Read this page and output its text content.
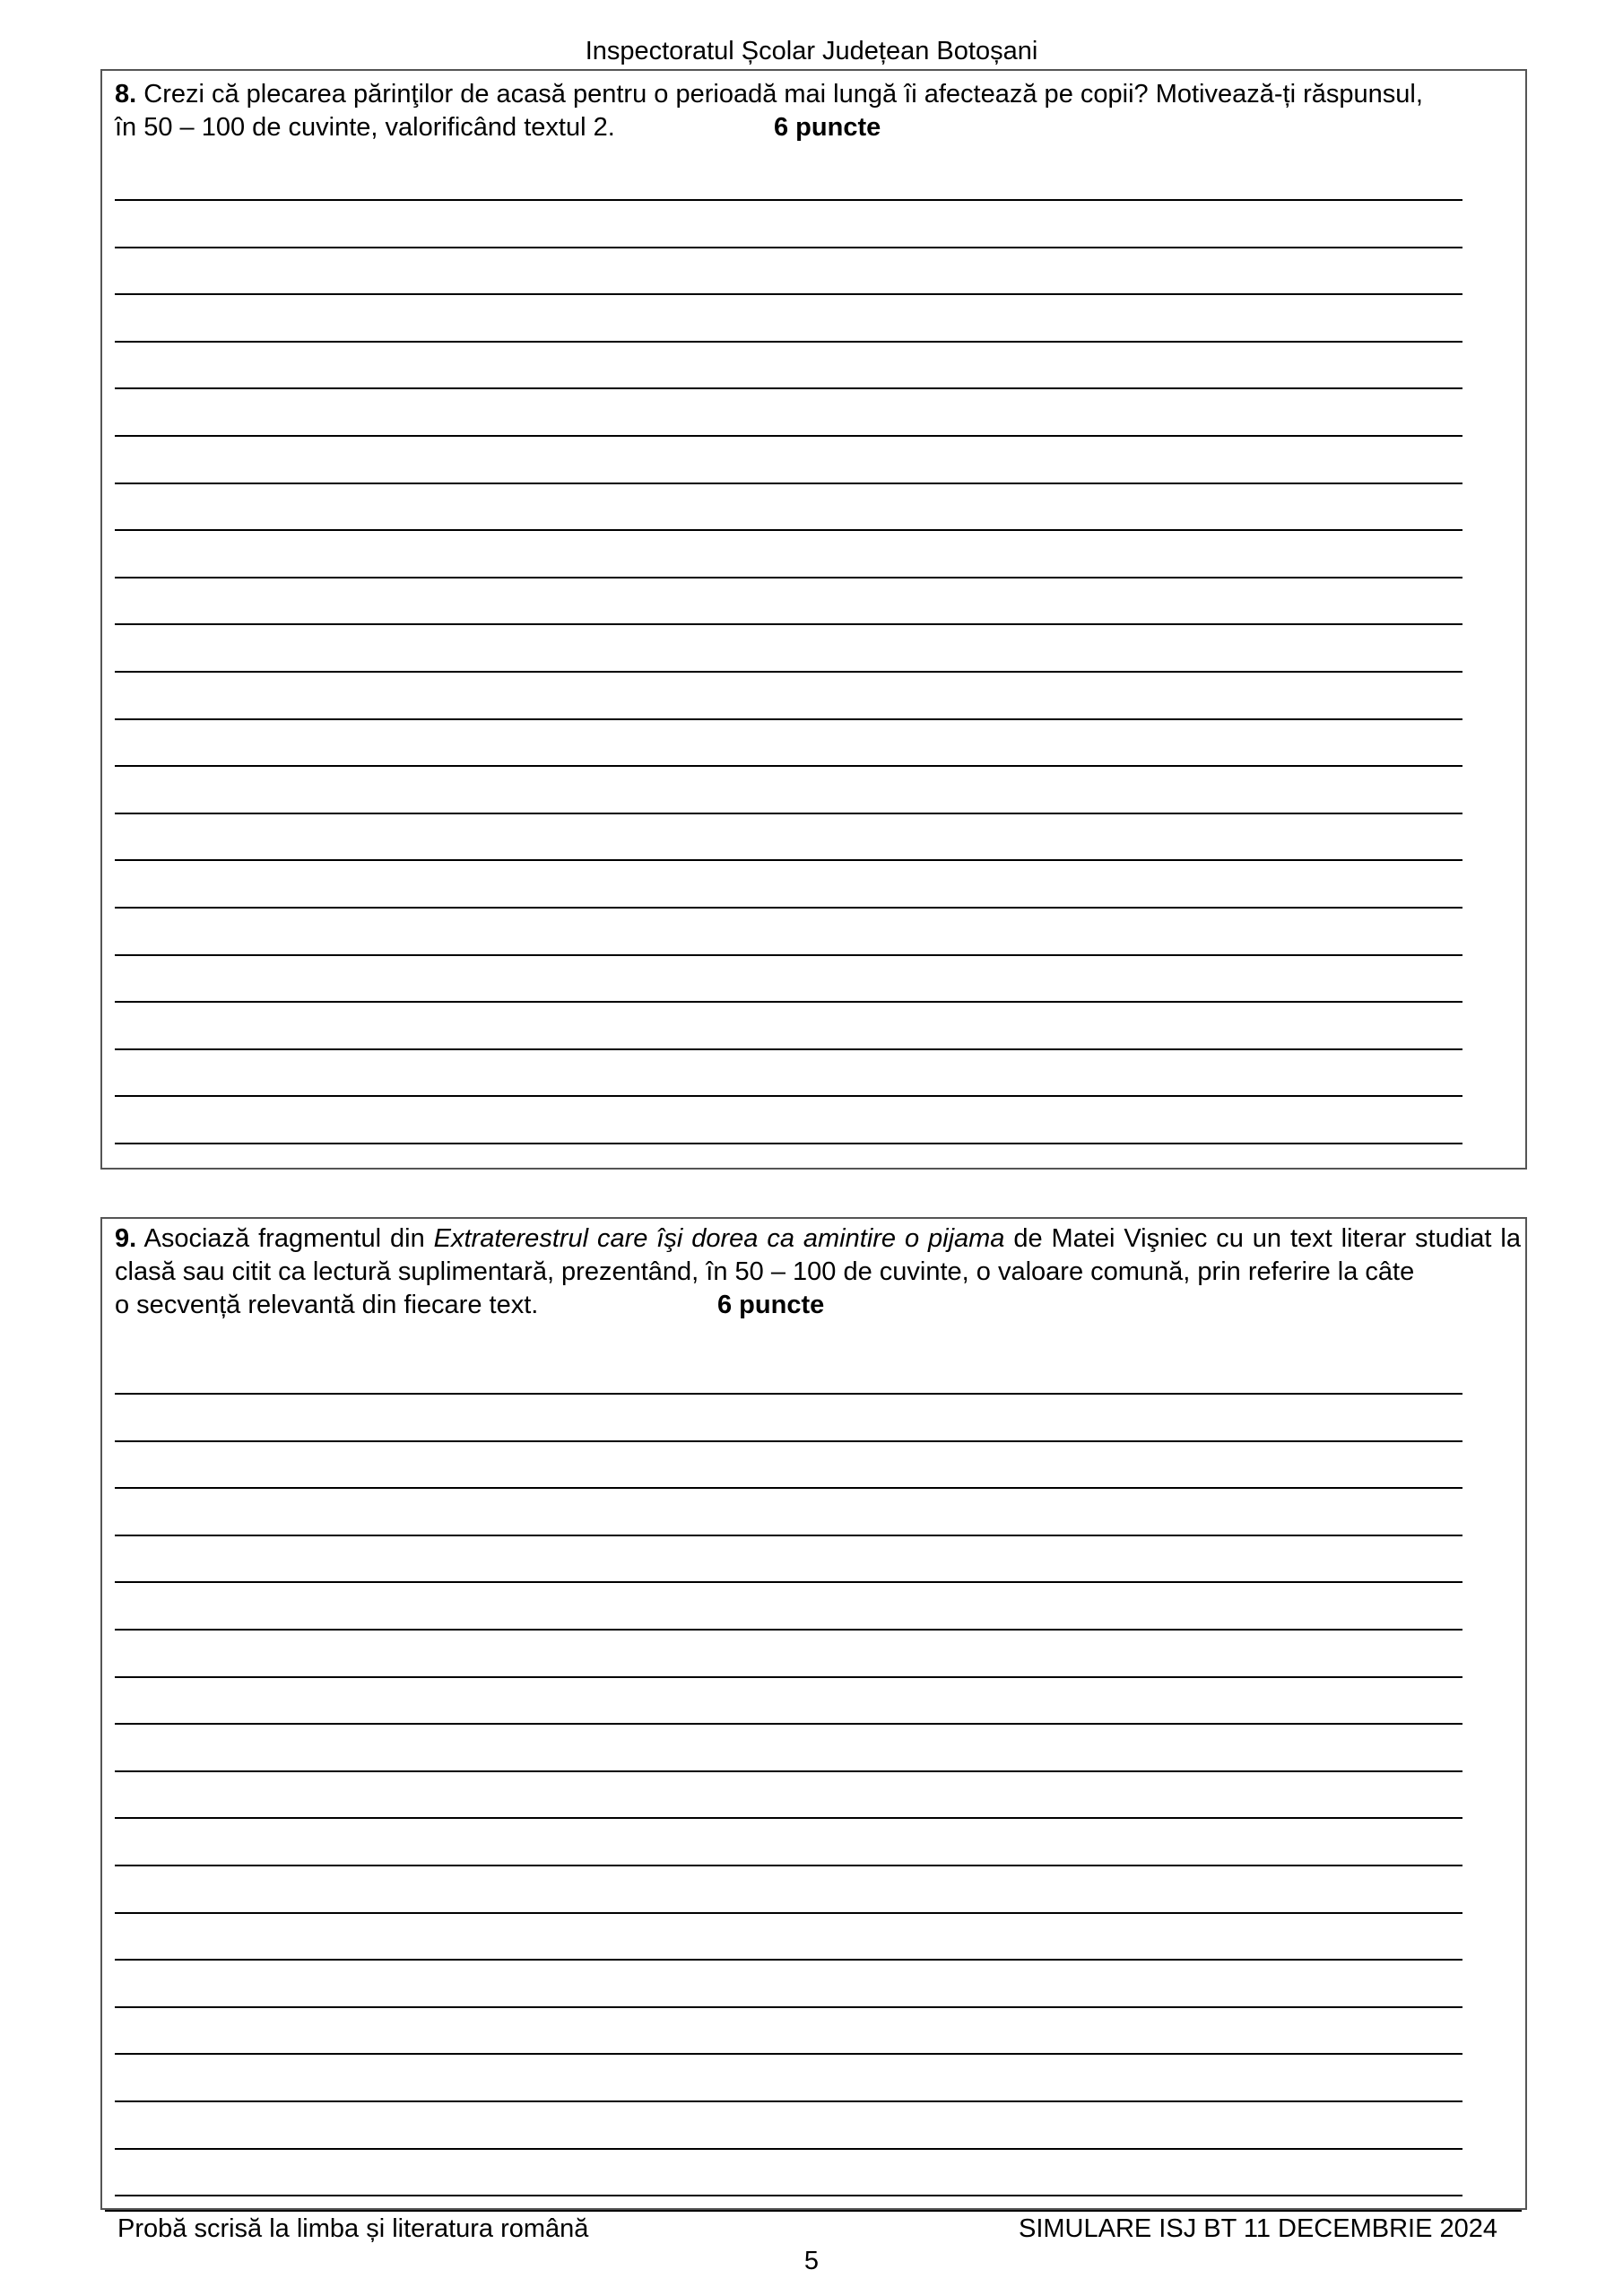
Inspectoratul Școlar Județean Botoșani
8. Crezi că plecarea părinţilor de acasă pentru o perioadă mai lungă îi afectează pe copii? Motivează-ți răspunsul,
în 50 – 100 de cuvinte, valorificând textul 2.	6 puncte
9. Asociază fragmentul din Extraterestrul care îşi dorea ca amintire o pijama de Matei Vişniec cu un text literar studiat la clasă sau citit ca lectură suplimentară, prezentând, în 50 – 100 de cuvinte, o valoare comună, prin referire la câte
o secvență relevantă din fiecare text.	6 puncte
Probă scrisă la limba și literatura română	SIMULARE ISJ BT 11 DECEMBRIE 2024
5
